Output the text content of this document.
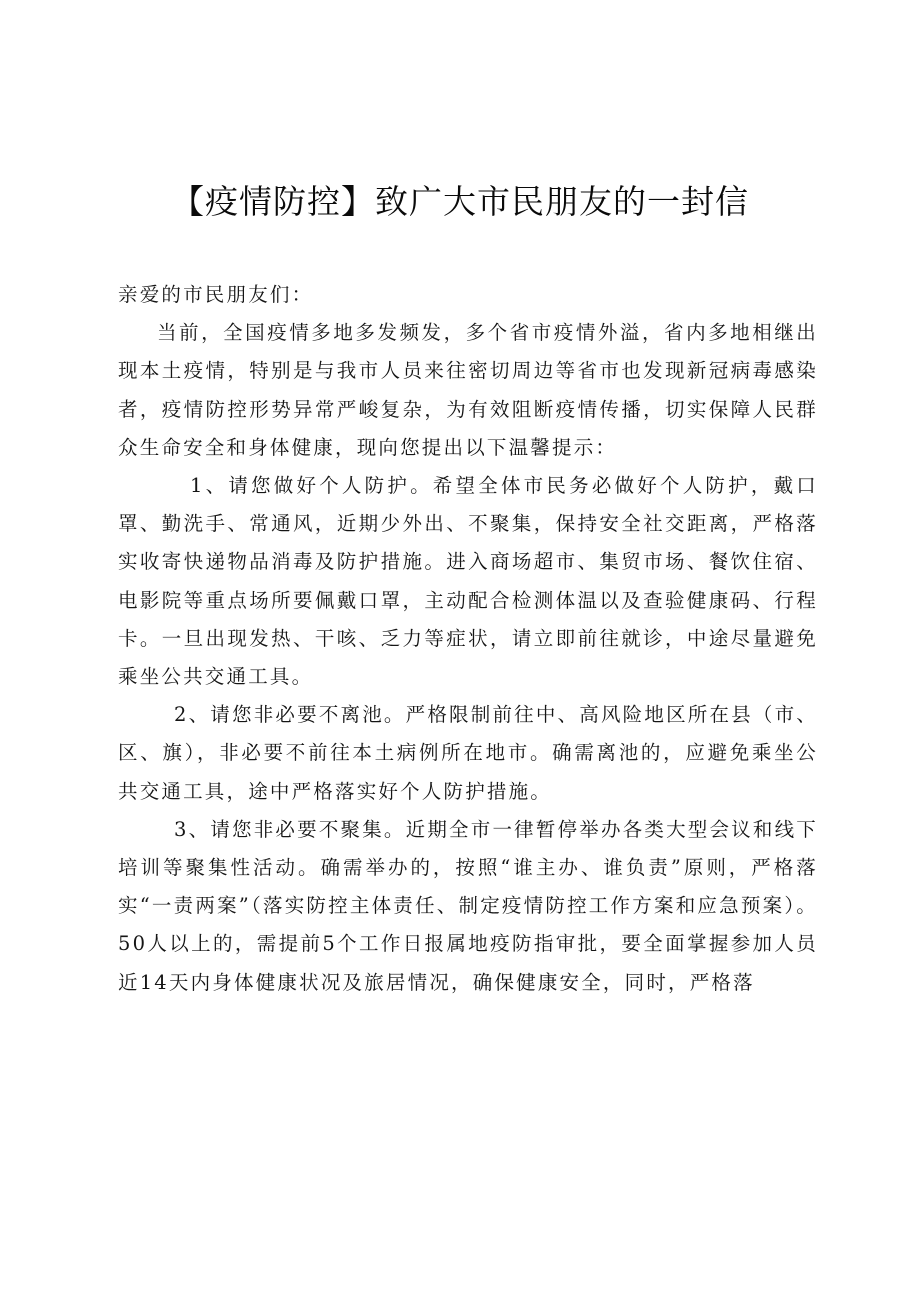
【疫情防控】致广大市民朋友的一封信

亲爱的市民朋友们：

当前，全国疫情多地多发频发，多个省市疫情外溢，省内多地相继出现本土疫情，特别是与我市人员来往密切周边等省市也发现新冠病毒感染者，疫情防控形势异常严峻复杂，为有效阻断疫情传播，切实保障人民群众生命安全和身体健康，现向您提出以下温馨提示：

1、请您做好个人防护。希望全体市民务必做好个人防护，戴口罩、勤洗手、常通风，近期少外出、不聚集，保持安全社交距离，严格落实收寄快递物品消毒及防护措施。进入商场超市、集贸市场、餐饮住宿、电影院等重点场所要佩戴口罩，主动配合检测体温以及查验健康码、行程卡。一旦出现发热、干咳、乏力等症状，请立即前往就诊，中途尽量避免乘坐公共交通工具。

2、请您非必要不离池。严格限制前往中、高风险地区所在县（市、区、旗），非必要不前往本土病例所在地市。确需离池的，应避免乘坐公共交通工具，途中严格落实好个人防护措施。

3、请您非必要不聚集。近期全市一律暂停举办各类大型会议和线下培训等聚集性活动。确需举办的，按照“谁主办、谁负责”原则，严格落实“一责两案”（落实防控主体责任、制定疫情防控工作方案和应急预案）。50人以上的，需提前5个工作日报属地疫防指审批，要全面掌握参加人员近14天内身体健康状况及旅居情况，确保健康安全，同时，严格落
